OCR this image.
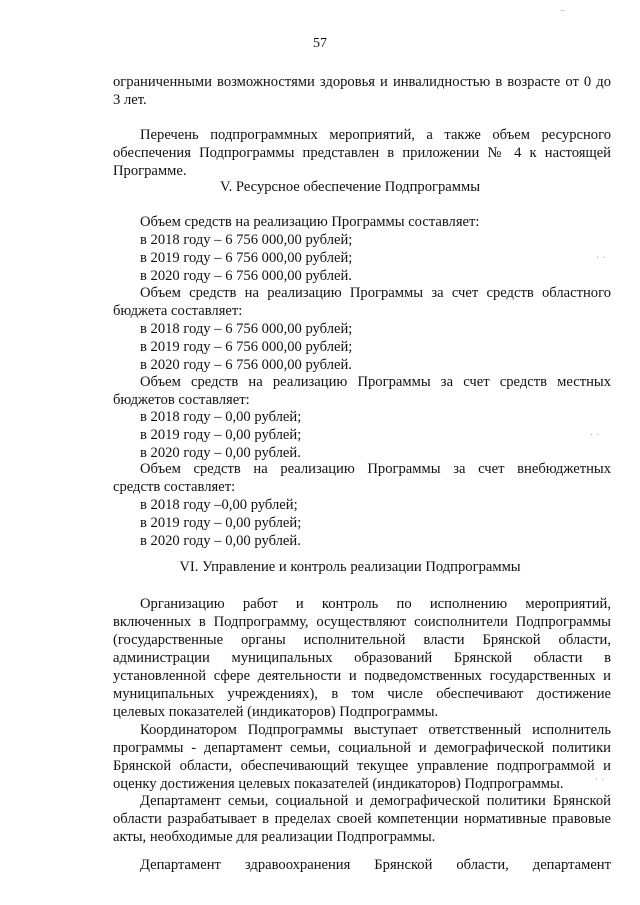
57
ограниченными возможностями здоровья и инвалидностью в возрасте от 0 до
3 лет.
Перечень подпрограммных мероприятий, а также объем ресурсного
обеспечения Подпрограммы представлен в приложении № 4 к настоящей
Программе.
V. Ресурсное обеспечение Подпрограммы
Объем средств на реализацию Программы составляет:
в 2018 году – 6 756 000,00 рублей;
в 2019 году – 6 756 000,00 рублей;
в 2020 году – 6 756 000,00 рублей.
Объем средств на реализацию Программы за счет средств областного
бюджета составляет:
в 2018 году – 6 756 000,00 рублей;
в 2019 году – 6 756 000,00 рублей;
в 2020 году – 6 756 000,00 рублей.
Объем средств на реализацию Программы за счет средств местных
бюджетов составляет:
в 2018 году – 0,00 рублей;
в 2019 году – 0,00 рублей;
в 2020 году – 0,00 рублей.
Объем средств на реализацию Программы за счет внебюджетных
средств составляет:
в 2018 году –0,00 рублей;
в 2019 году – 0,00 рублей;
в 2020 году – 0,00 рублей.
VI. Управление и контроль реализации Подпрограммы
Организацию работ и контроль по исполнению мероприятий,
включенных в Подпрограмму, осуществляют соисполнители Подпрограммы
(государственные органы исполнительной власти Брянской области,
администрации муниципальных образований Брянской области в
установленной сфере деятельности и подведомственных государственных и
муниципальных учреждениях), в том числе обеспечивают достижение
целевых показателей (индикаторов) Подпрограммы.
Координатором Подпрограммы выступает ответственный исполнитель
программы - департамент семьи, социальной и демографической политики
Брянской области, обеспечивающий текущее управление подпрограммой и
оценку достижения целевых показателей (индикаторов) Подпрограммы.
Департамент семьи, социальной и демографической политики Брянской
области разрабатывает в пределах своей компетенции нормативные правовые
акты, необходимые для реализации Подпрограммы.
Департамент здравоохранения Брянской области, департамент
· ·
· ·
· ·
⁻
